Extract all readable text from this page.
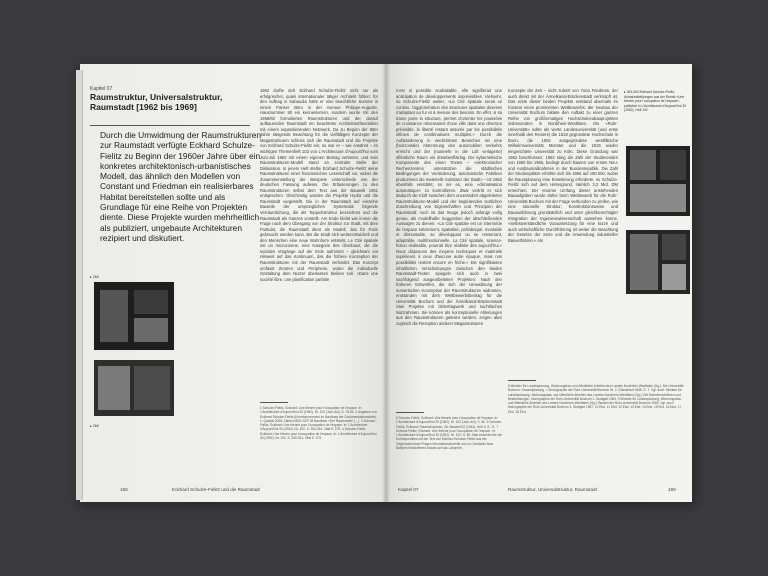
Kapitel 07
Raumstruktur, Universalstruktur, Raumstadt [1962 bis 1969]
Durch die Umwidmung der Raumstrukturen zur Raumstadt verfügte Eckhard Schulze-Fielitz zu Beginn der 1960er Jahre über ein konkretes architektonisch-urbanistisches Modell, das ähnlich den Modellen von Constant und Friedman ein realisierbares Habitat bereitstellen sollte und als Grundlage für eine Reihe von Projekten diente. Diese Projekte wurden mehrheitlich als publiziert, ungebaute Architekturen rezipiert und diskutiert.
1962 durfte sich Eckhard Schulze-Fielitz nicht nur als erfolgreicher, quasi internationaler tätiger Architekt fühlen: für den Auftrag in Sabaudia hatte er eine beachtliche Summe in einem Pariser Büro in der Avenue Philippe-Auguste, Hausnummer 50 ein kennenlernen, sondern wurde mit den 1958/60 formulierten Raumstrukturen und der darauf aufbauenden Raumstadt ein beachteter Architekturtheoretiker mit einem expandierenden Netzwerk. Da zu Beginn der 60er Jahre steigende Beachtung für die vielfältigen Konzepte der Megastrukturen schloss sich die Raumstadt und die Projekte von Eckhard Schulze-Fielitz ein; so war er – wie erwähnt – im wichtigen Themenheft 102 von L'Architecture d'Aujourd'hui vom Juni-Juli 1962 mit einem eigenen Beitrag vertreten, und sein Raumstrukturen-Modell stand an zentraler Stelle der Diskussion. In jenem Heft stellte Eckhard Schulze-Fielitz seine Raumstrukturen einer französischen Leserschaft vor, wobei die Zusammenstellung der Beispiele Unterschiede von der deutschen Fassung aufwies. Die Erläuterungen zu den Raumstrukturen selbst dem Text aus der Bauwelt 1961 entsprechen. Gleichzeitig wurden die Projekte Hydra und die Raumstadt vorgestellt. Die in der Raumstadt auf einzelne Bauteile der ursprünglichen Systematik folgende Verräumlichung, die als Teppichstruktur bezeichnet und die Raumstadt als Ganzes vorstellt. Am Ende bleibt wie immer die Frage nach dem Übergang von der Struktur zur Stadt, mit dem Postulat, die Raumstadt dient als Modell, das für Paris gebraucht werden kann. Bis die Stadt sich weiterentwickelt und den Menschen eine neue Wohnform entsteht, Le Cité spatiale est un microcosme, eine Kategorie des Überbaus, die die sozialen Vorgänge auf der Erde aufnimmt – gleichsam ein Hinweis auf das Kontinuum, das die frühere Konzeption der Raumstrukturen mit der Raumstadt verbindet. Das Konzept umfasst Zentren und Peripherie, wobei die individuelle Gestaltung dem Nutzer überlassen bleiben soll. «Dans une société libre, une planification parfaite
▸ 265
▸ 266
1 Schulze-Fielitz, Eckhard: Une théorie pour l'occupation de l'espace. In: L'Architecture d'Aujourd'hui 33 (1962), Nr. 102 (Juni-Juli), S. 78-85. 2 Angaben von Eckhard Schulze-Fielitz (Korrekturvermerk im Nachlass der Dokumentationsstelle), 1. Quartal 2008; Zahlen MSG-SZF 05 Nachlass «Der Raumstadt» (…). 3 Schulze-Fielitz, Eckhard: Une théorie pour l'occupation de l'espace. In: L'Architecture d'Aujourd'hui 33 (1962), Nr. 102, S. 260-261; Zitat S. 275. 4 Schulze-Fielitz, Eckhard: Une théorie pour l'occupation de l'espace. In: L'Architecture d'Aujourd'hui 33 (1962), Nr. 102, S. 260-261; Zitat S. 275.
188	Eckhard Schulze-Fielitz und die Raumstadt
n'est ni possible souhaitable, elle signifierait une anticipation de développements imprévisibles. Vielmehr, so Schulze-Fielitz weiter, «La Cité spatiale serait ce continu, l'agglomération des structures spatiales diverses s'adaptant au fur et à mesure des besoins. En effet, si sa trame porte la structure, permet d'orienter les poussées de croissance nécessaires d'une ville dans une direction prévisible, la liberté restant assurée par les possibilités infinies de combinaisons multiples.» Durch die Aufständerung in verdichteten Bereichen sei eine (horizontale) Abtrennung des automobilen Verkehrs erreicht und der (nunmehr in die Luft verlagerte) öffentliche Raum ein dreiebenflächig. Die kybernetische Komponente des einen Textes – «elektronischer Rechenzentren unterstützen die städtischen Bedingungen der Veränderung, automatische Fabriken produzieren die materielle Substanz der Stadt» – ist 1962 ebenfalls verstärkt; so sei es, eine «climatisation automatique» zu kontrollieren. Zwar vertritt er sich dadurch die Kluft zwischen dem unverändert abgeleiteten Raumstrukturen-Modell und der begleitenden textlichen Zuschreibung von Eigenschaften und Prinzipien der Raumstadt: noch ist das Image jedoch anfangs vollig genau, als modellhafte Suggestion der abschließenden Aussagen zu dienen: «La Cité spatiale est un intermède de l'espace strictement, spatialisé, préfabriqué, montable et démontable, se développant ou se resserrant, adaptable, multifonctionnelle. La Cité spatiale, science-fiction réalisable, pourrait être réalisée dès aujourd'hui.» Nous disposons des moyens techniques et matériels supérieurs à ceux d'aucune autre époque, mais nos possibilités restent encore en friche.» Die signifikanten inhaltlichen Verschiebungen zwischen den beiden Raumstadt-Texten spiegeln sich auch in zwei nachfolgend ausgearbeiteten Projekten: Nach den früheren Entwürfen, die sich der Umwidmung der numerischen Konzeption der Raumstrukturen widmeten, entstanden mit dem Wettbewerbsbeitrag für die Universität Bochum und der Ärmelkanal-Brückenstadt zwei Projekte mit Gittertragwerk und suchtfaches Nutzrahmen. Sie können als konzeptionelle Ableitungen aus den Raumstrukturen gelesen werden, zeigen aber zugleich die Rezeption anderer Megastrukturen
Konzepte der Zeit – nicht zuletzt von Yona Friedman, der auch direkt mit der Ärmelkanal-Brückenstadt verknüpft ist. Das erste dieser beiden Projekte entstand abermals im Kontext eines prominenten Wettbewerbs: der Neubau der Universität Bochum bildete den Auftakt zu einer ganzen Reihe von großformatigen Hochschulneubauprojekten insbesondere in Nordrhein-Westfalen. Die «Ruhr-Universität» sollte als vierte Landesuniversität (und erste innerhalb des Reviers) die 1818 gegründete Hochschule in Bonn, die 1902 ausgegründete westfälische Wilhelmsuniversität Münster und die 1919 wieder eingerichtete Universität zu Köln. Diese Gründung war 1962 beschlossen: 1962 stieg die Zahl der Studierenden von 1960 bis 1965, bedingt durch Bauten von ersten Neu- und Ausbaumaßnahmen in der Bundesrepublik. Die Zahl der Studienplätze erhöhte sich bis 1965 auf 180.000, wobei die Raumplanung eine Erweiterung erforderte, so Schulze-Fielitz sich auf dem Hintergrund, nämlich 3,2 Mrd. DM erreichten. Der enorme Umfang dieser anstehenden Bauaufgaben wurde daher beim Wettbewerb für die Ruhr-Universität Bochum mit der Frage verbunden zu prüfen, wie eine rationelle Struktur, Konstruktionsweise und Bauausführung grundsätzlich und unter gleichberechtigter Integration der Ingenieurwissenschaft aussehen könne. «Selbstverständliche Voraussetzung für eine kurze und auch wirtschaftliche Durchführung ist weiter die Beachtung der Gesetze der Serie und die Anwendung industrieller Bauverfahren.» Als
▸ 263-264 Eckhard Schulze-Fielitz, Aufsatzabbildungen aus der Rubrik «Une théorie pour l'occupation de l'espace», publiziert in L'Architecture d'Aujourd'hui 33 (1962), Heft 102
5 Schulze-Fielitz, Eckhard: Une théorie pour l'occupation de l'espace. In: L'Architecture d'Aujourd'hui 33 (1962), Nr. 102 (Juni-Juli), S. 80. 6 Schulze-Fielitz, Eckhard: Raumstrukturen, Zit. Bauwelt 52 (1961), Heft 3, S. 71. 7 Schulze-Fielitz, Eckhard: Une théorie pour l'occupation de l'espace. In: L'Architecture d'Aujourd'hui 33 (1962), Nr. 102, S. 80. Man beachte hier die Korrespondenz mit der Text von Eckhard Schulze-Fielitz aus der Gegenwart neuer Fragen Informationstechnik und zu Constants New Babylon entworfenen Ansatz auf das Labyrinth.
8 Minister für Landesplanung, Wohnungsbau und öffentliche Arbeiten des Landes Nordrhein-Westfalen (Hg.): Die Universität Bochum. Gesamtplanung. = Monographie der Ruhr-Universität Bochum Nr. 2, Düsseldorf 1965, S. 7. Vgl. auch: Minister für Landesplanung, Wohnungsbau und öffentliche Arbeiten des Landes Nordrhein-Westfalen (Hg.): Die Rahmenrichtlinien und Bestimmungen, Monographie der Ruhr-Universität Bochum 1. Stuttgart 1963. 9 Minister für Landesplanung, Wohnungsbau und öffentliche Arbeiten des Landes Nordrhein-Westfalen (Hg.): Bauten der Ruhr-Universität Bochum 1965. Vgl. auch Monographie der Ruhr-Universität Bochum 3. Stuttgart 1967. 10 Ebd. 11 Ebd. 12 Ebd. 13 Ebd. 14 Ebd. 15 Ebd. 16 Ebd. 17 Ebd. 18 Ebd.
Kapitel 07	Raumstruktur, Universalstruktur, Raumstadt	189
